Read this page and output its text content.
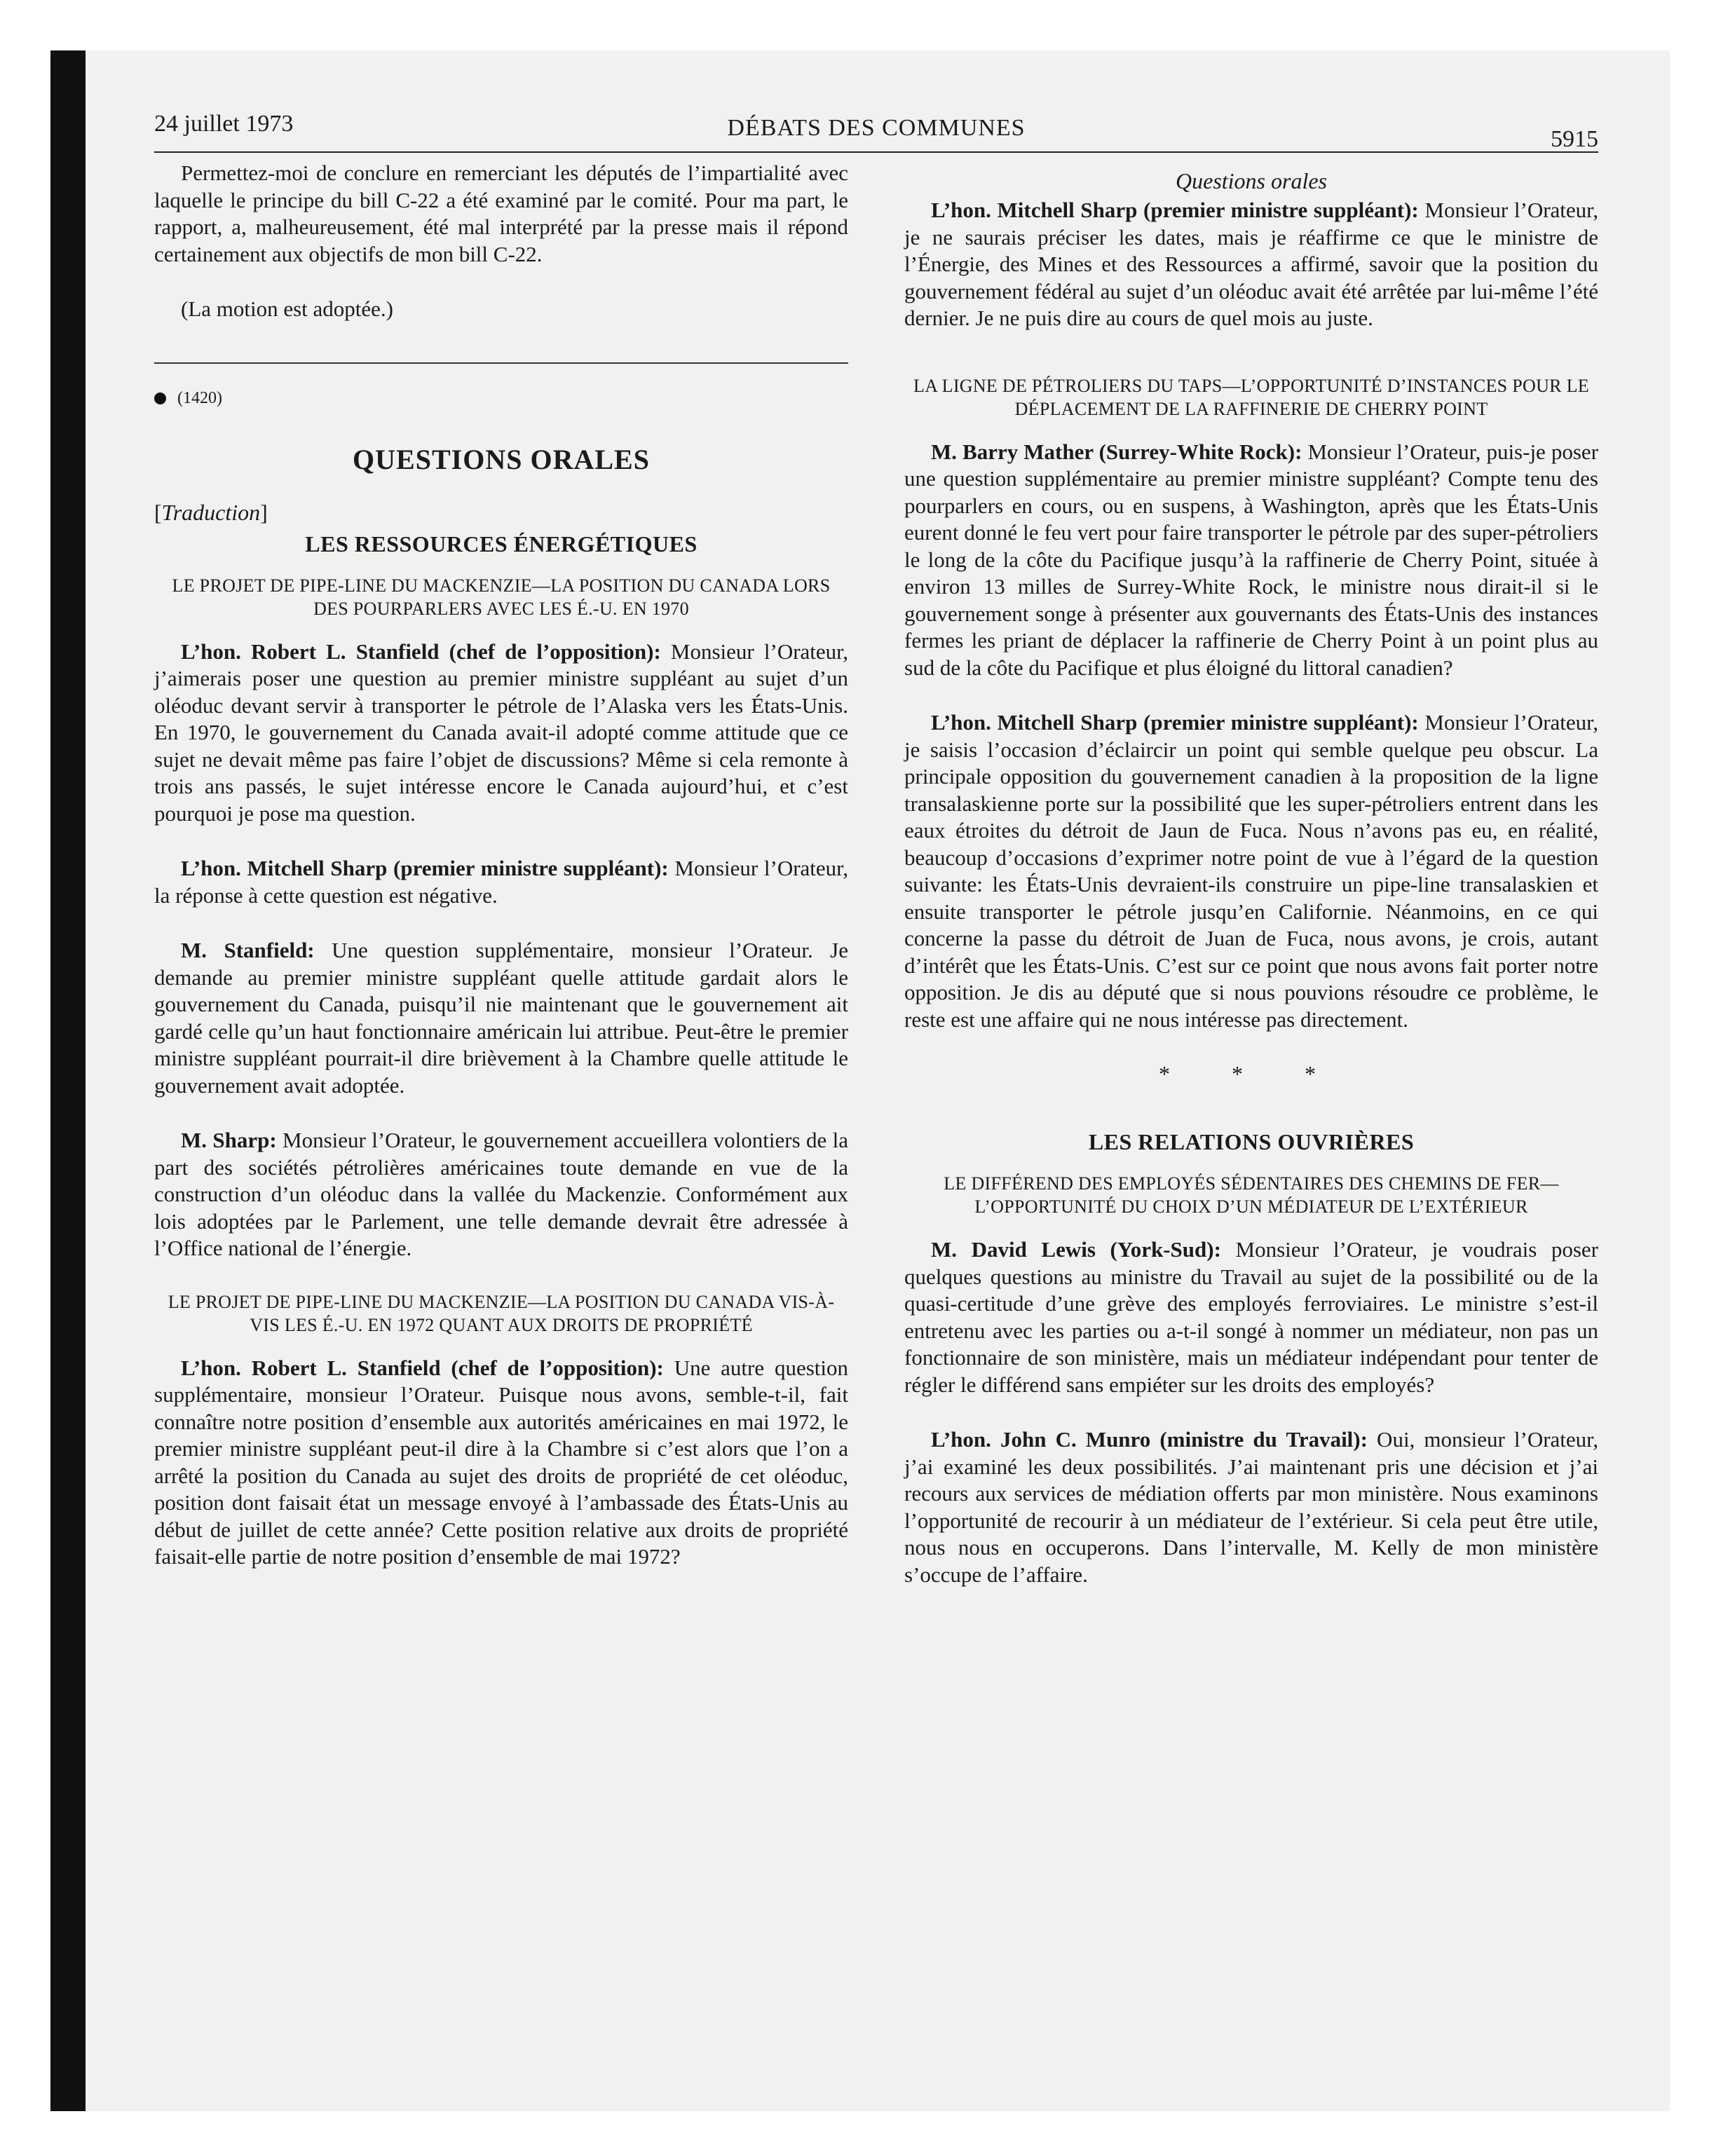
24 juillet 1973	DÉBATS DES COMMUNES	5915

Permettez-moi de conclure en remerciant les députés de l’impartialité avec laquelle le principe du bill C-22 a été examiné par le comité. Pour ma part, le rapport, a, malheureusement, été mal interprété par la presse mais il répond certainement aux objectifs de mon bill C-22.

(La motion est adoptée.)

(1420)
QUESTIONS ORALES
[Traduction]
LES RESSOURCES ÉNERGÉTIQUES
LE PROJET DE PIPE-LINE DU MACKENZIE—LA POSITION DU CANADA LORS DES POURPARLERS AVEC LES É.-U. EN 1970

L’hon. Robert L. Stanfield (chef de l’opposition): Monsieur l’Orateur, j’aimerais poser une question au premier ministre suppléant au sujet d’un oléoduc devant servir à transporter le pétrole de l’Alaska vers les États-Unis. En 1970, le gouvernement du Canada avait-il adopté comme attitude que ce sujet ne devait même pas faire l’objet de discussions? Même si cela remonte à trois ans passés, le sujet intéresse encore le Canada aujourd’hui, et c’est pourquoi je pose ma question.

L’hon. Mitchell Sharp (premier ministre suppléant): Monsieur l’Orateur, la réponse à cette question est négative.

M. Stanfield: Une question supplémentaire, monsieur l’Orateur. Je demande au premier ministre suppléant quelle attitude gardait alors le gouvernement du Canada, puisqu’il nie maintenant que le gouvernement ait gardé celle qu’un haut fonctionnaire américain lui attribue. Peut-être le premier ministre suppléant pourrait-il dire brièvement à la Chambre quelle attitude le gouvernement avait adoptée.

M. Sharp: Monsieur l’Orateur, le gouvernement accueillera volontiers de la part des sociétés pétrolières américaines toute demande en vue de la construction d’un oléoduc dans la vallée du Mackenzie. Conformément aux lois adoptées par le Parlement, une telle demande devrait être adressée à l’Office national de l’énergie.

LE PROJET DE PIPE-LINE DU MACKENZIE—LA POSITION DU CANADA VIS-À-VIS LES É.-U. EN 1972 QUANT AUX DROITS DE PROPRIÉTÉ

L’hon. Robert L. Stanfield (chef de l’opposition): Une autre question supplémentaire, monsieur l’Orateur. Puisque nous avons, semble-t-il, fait connaître notre position d’ensemble aux autorités américaines en mai 1972, le premier ministre suppléant peut-il dire à la Chambre si c’est alors que l’on a arrêté la position du Canada au sujet des droits de propriété de cet oléoduc, position dont faisait état un message envoyé à l’ambassade des États-Unis au début de juillet de cette année? Cette position relative aux droits de propriété faisait-elle partie de notre position d’ensemble de mai 1972?

Questions orales

L’hon. Mitchell Sharp (premier ministre suppléant): Monsieur l’Orateur, je ne saurais préciser les dates, mais je réaffirme ce que le ministre de l’Énergie, des Mines et des Ressources a affirmé, savoir que la position du gouvernement fédéral au sujet d’un oléoduc avait été arrêtée par lui-même l’été dernier. Je ne puis dire au cours de quel mois au juste.

LA LIGNE DE PÉTROLIERS DU TAPS—L’OPPORTUNITÉ D’INSTANCES POUR LE DÉPLACEMENT DE LA RAFFINERIE DE CHERRY POINT

M. Barry Mather (Surrey-White Rock): Monsieur l’Orateur, puis-je poser une question supplémentaire au premier ministre suppléant? Compte tenu des pourparlers en cours, ou en suspens, à Washington, après que les États-Unis eurent donné le feu vert pour faire transporter le pétrole par des super-pétroliers le long de la côte du Pacifique jusqu’à la raffinerie de Cherry Point, située à environ 13 milles de Surrey-White Rock, le ministre nous dirait-il si le gouvernement songe à présenter aux gouvernants des États-Unis des instances fermes les priant de déplacer la raffinerie de Cherry Point à un point plus au sud de la côte du Pacifique et plus éloigné du littoral canadien?

L’hon. Mitchell Sharp (premier ministre suppléant): Monsieur l’Orateur, je saisis l’occasion d’éclaircir un point qui semble quelque peu obscur. La principale opposition du gouvernement canadien à la proposition de la ligne transalaskienne porte sur la possibilité que les super-pétroliers entrent dans les eaux étroites du détroit de Jaun de Fuca. Nous n’avons pas eu, en réalité, beaucoup d’occasions d’exprimer notre point de vue à l’égard de la question suivante: les États-Unis devraient-ils construire un pipe-line transalaskien et ensuite transporter le pétrole jusqu’en Californie. Néanmoins, en ce qui concerne la passe du détroit de Juan de Fuca, nous avons, je crois, autant d’intérêt que les États-Unis. C’est sur ce point que nous avons fait porter notre opposition. Je dis au député que si nous pouvions résoudre ce problème, le reste est une affaire qui ne nous intéresse pas directement.

* * *
LES RELATIONS OUVRIÈRES
LE DIFFÉREND DES EMPLOYÉS SÉDENTAIRES DES CHEMINS DE FER—L’OPPORTUNITÉ DU CHOIX D’UN MÉDIATEUR DE L’EXTÉRIEUR

M. David Lewis (York-Sud): Monsieur l’Orateur, je voudrais poser quelques questions au ministre du Travail au sujet de la possibilité ou de la quasi-certitude d’une grève des employés ferroviaires. Le ministre s’est-il entretenu avec les parties ou a-t-il songé à nommer un médiateur, non pas un fonctionnaire de son ministère, mais un médiateur indépendant pour tenter de régler le différend sans empiéter sur les droits des employés?

L’hon. John C. Munro (ministre du Travail): Oui, monsieur l’Orateur, j’ai examiné les deux possibilités. J’ai maintenant pris une décision et j’ai recours aux services de médiation offerts par mon ministère. Nous examinons l’opportunité de recourir à un médiateur de l’extérieur. Si cela peut être utile, nous nous en occuperons. Dans l’intervalle, M. Kelly de mon ministère s’occupe de l’affaire.
